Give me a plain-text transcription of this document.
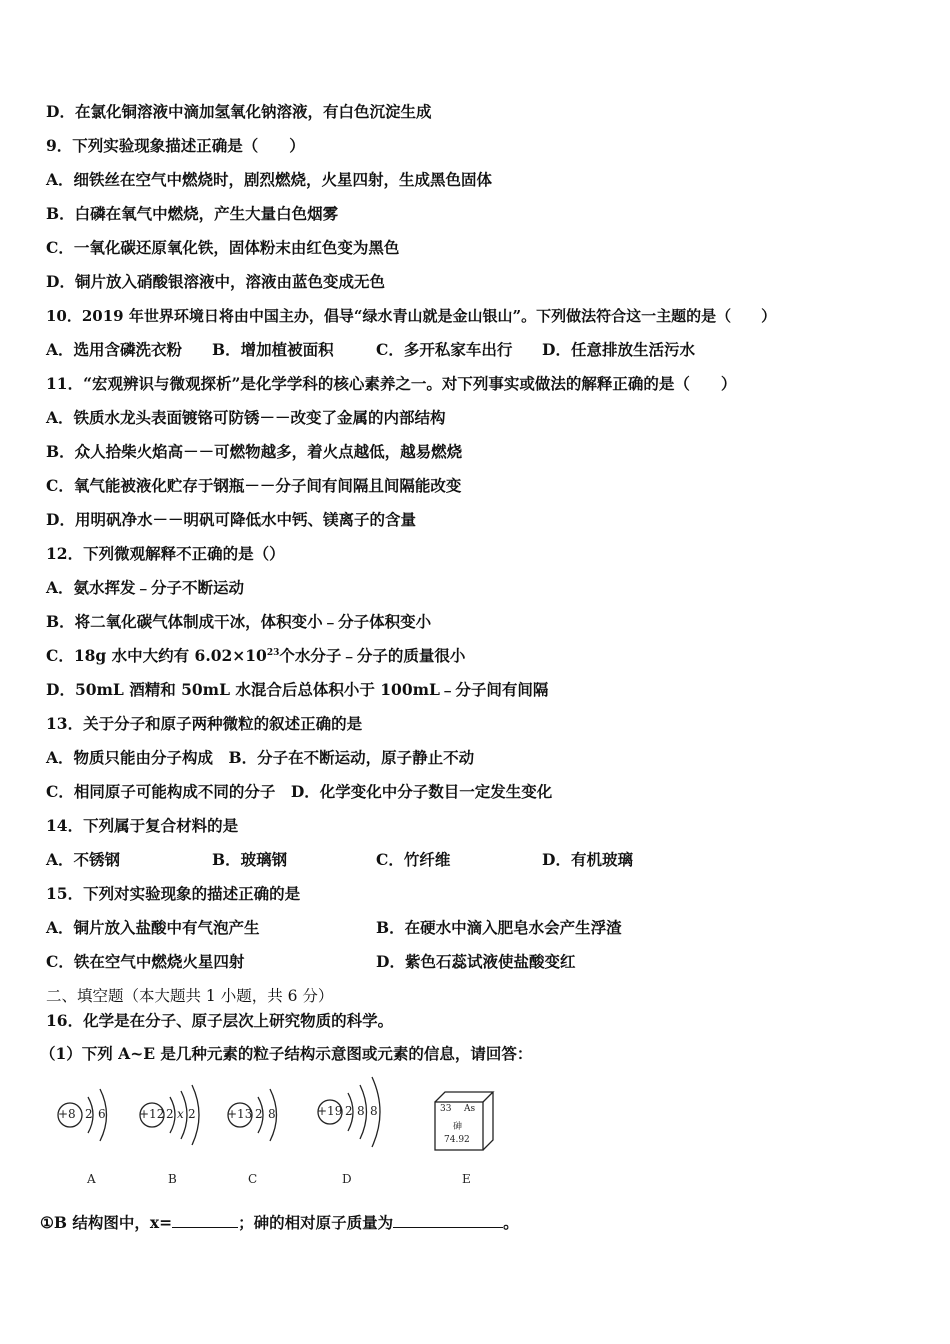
D．在氯化铜溶液中滴加氢氧化钠溶液，有白色沉淀生成
9．下列实验现象描述正确是（　　）
A．细铁丝在空气中燃烧时，剧烈燃烧，火星四射，生成黑色固体
B．白磷在氧气中燃烧，产生大量白色烟雾
C．一氧化碳还原氧化铁，固体粉末由红色变为黑色
D．铜片放入硝酸银溶液中，溶液由蓝色变成无色
10．2019 年世界环境日将由中国主办，倡导“绿水青山就是金山银山”。下列做法符合这一主题的是（　　）
A．选用含磷洗衣粉 B．增加植被面积	C．多开私家车出行 D．任意排放生活污水
11．“宏观辨识与微观探析”是化学学科的核心素养之一。对下列事实或做法的解释正确的是（　　）
A．铁质水龙头表面镀铬可防锈－－改变了金属的内部结构
B．众人拾柴火焰高－－可燃物越多，着火点越低，越易燃烧
C．氧气能被液化贮存于钢瓶－－分子间有间隔且间隔能改变
D．用明矾净水－－明矾可降低水中钙、镁离子的含量
12．下列微观解释不正确的是（）
A．氨水挥发﹣分子不断运动
B．将二氧化碳气体制成干冰，体积变小﹣分子体积变小
C．18g 水中大约有 $6.02\times 10^{23}$个水分子﹣分子的质量很小
D．50mL 酒精和 50mL 水混合后总体积小于 100mL﹣分子间有间隔
13．关于分子和原子两种微粒的叙述正确的是
A．物质只能由分子构成　B．分子在不断运动，原子静止不动
C．相同原子可能构成不同的分子　D．化学变化中分子数目一定发生变化
14．下列属于复合材料的是
A．不锈钢	B．玻璃钢	C．竹纤维	D．有机玻璃
15．下列对实验现象的描述正确的是
A．铜片放入盐酸中有气泡产生	B．在硬水中滴入肥皂水会产生浮渣
C．铁在空气中燃烧火星四射	D．紫色石蕊试液使盐酸变红
二、填空题（本大题共 1 小题，共 6 分）
16．化学是在分子、原子层次上研究物质的科学。
（1）下列 A~E 是几种元素的粒子结构示意图或元素的信息，请回答：
+8 2 6	+12 2 x 2	+13 2 8	+19 2 8 8	33 As
砷
74.92
A	B	C	D	E
①B 结构图中，x=	；砷的相对原子质量为	。
